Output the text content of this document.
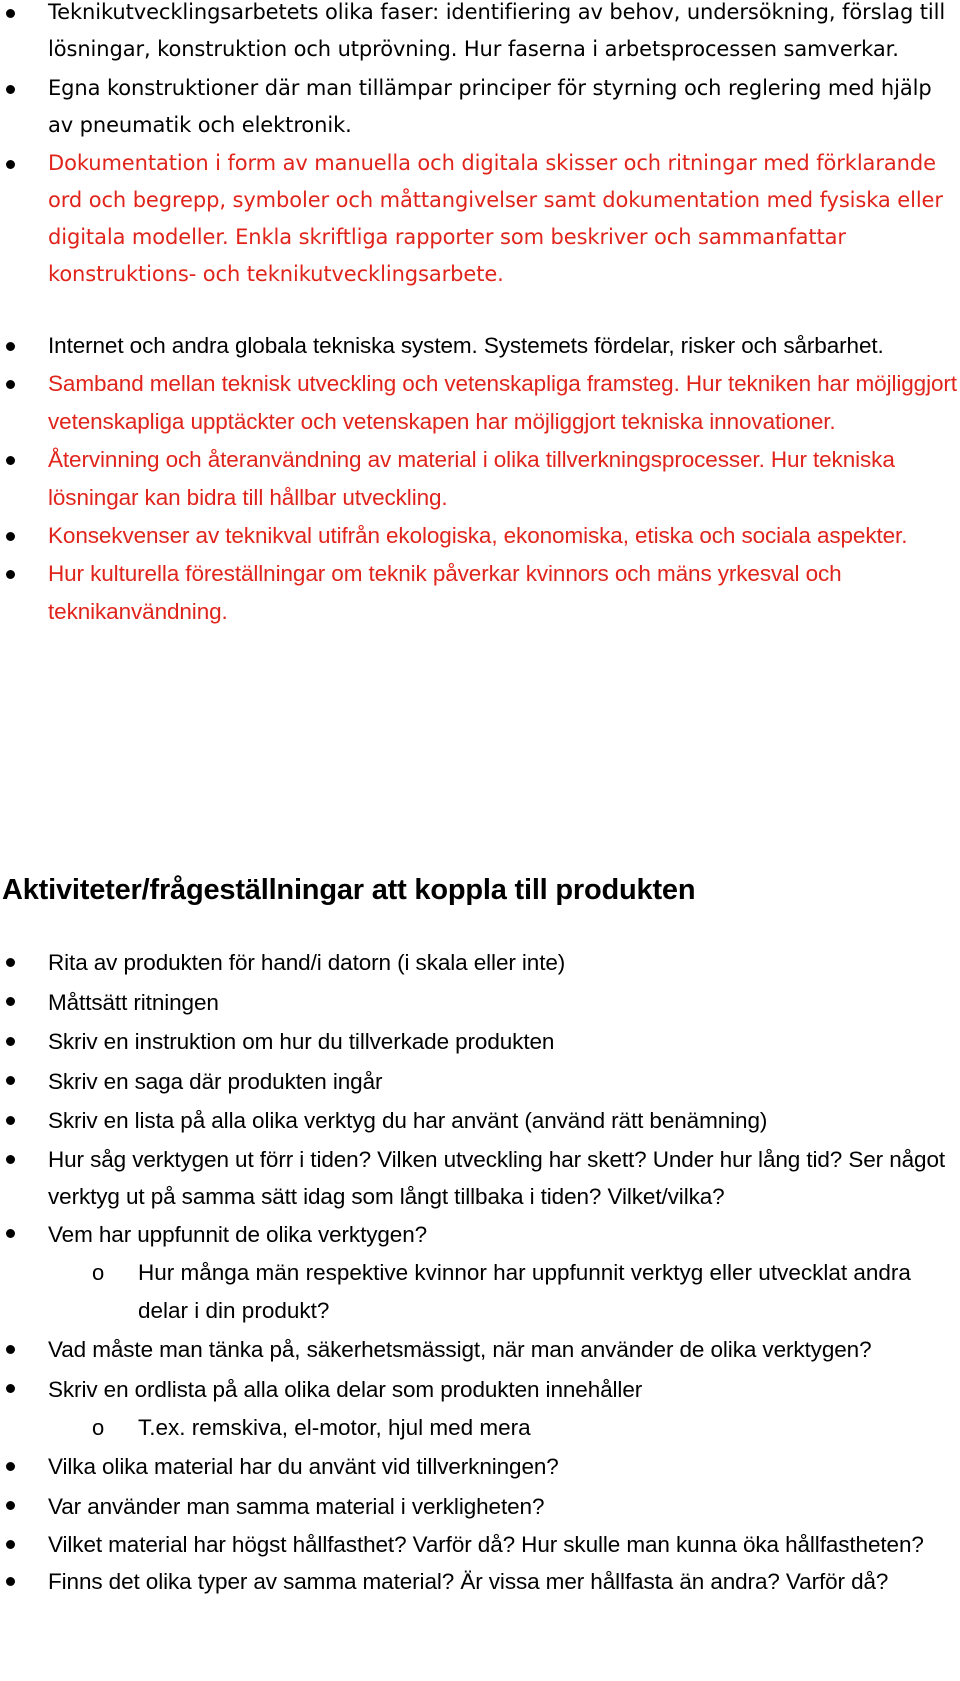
Teknikutvecklingsarbetets olika faser: identifiering av behov, undersökning, förslag till lösningar, konstruktion och utprövning. Hur faserna i arbetsprocessen samverkar.
Egna konstruktioner där man tillämpar principer för styrning och reglering med hjälp av pneumatik och elektronik.
Dokumentation i form av manuella och digitala skisser och ritningar med förklarande ord och begrepp, symboler och måttangivelser samt dokumentation med fysiska eller digitala modeller. Enkla skriftliga rapporter som beskriver och sammanfattar konstruktions- och teknikutvecklingsarbete.
Internet och andra globala tekniska system. Systemets fördelar, risker och sårbarhet.
Samband mellan teknisk utveckling och vetenskapliga framsteg. Hur tekniken har möjliggjort vetenskapliga upptäckter och vetenskapen har möjliggjort tekniska innovationer.
Återvinning och återanvändning av material i olika tillverkningsprocesser. Hur tekniska lösningar kan bidra till hållbar utveckling.
Konsekvenser av teknikval utifrån ekologiska, ekonomiska, etiska och sociala aspekter.
Hur kulturella föreställningar om teknik påverkar kvinnors och mäns yrkesval och teknikanvändning.
Aktiviteter/frågeställningar att koppla till produkten
Rita av produkten för hand/i datorn (i skala eller inte)
Måttsätt ritningen
Skriv en instruktion om hur du tillverkade produkten
Skriv en saga där produkten ingår
Skriv en lista på alla olika verktyg du har använt (använd rätt benämning)
Hur såg verktygen ut förr i tiden? Vilken utveckling har skett? Under hur lång tid? Ser något verktyg ut på samma sätt idag som långt tillbaka i tiden? Vilket/vilka?
Vem har uppfunnit de olika verktygen?
o Hur många män respektive kvinnor har uppfunnit verktyg eller utvecklat andra delar i din produkt?
Vad måste man tänka på, säkerhetsmässigt, när man använder de olika verktygen?
Skriv en ordlista på alla olika delar som produkten innehåller
o T.ex. remskiva, el-motor, hjul med mera
Vilka olika material har du använt vid tillverkningen?
Var använder man samma material i verkligheten?
Vilket material har högst hållfasthet? Varför då? Hur skulle man kunna öka hållfastheten?
Finns det olika typer av samma material? Är vissa mer hållfasta än andra? Varför då?
